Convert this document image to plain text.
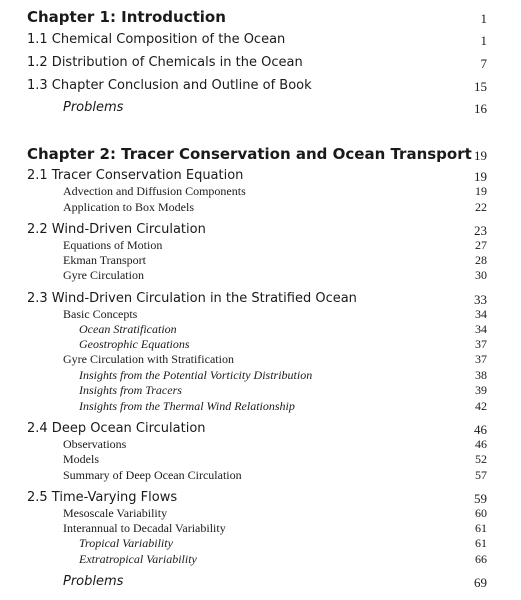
Chapter 1: Introduction	1
1.1 Chemical Composition of the Ocean	1
1.2 Distribution of Chemicals in the Ocean	7
1.3 Chapter Conclusion and Outline of Book	15
Problems	16
Chapter 2: Tracer Conservation and Ocean Transport 19
2.1 Tracer Conservation Equation	19
Advection and Diffusion Components	19
Application to Box Models	22
2.2 Wind-Driven Circulation	23
Equations of Motion	27
Ekman Transport	28
Gyre Circulation	30
2.3 Wind-Driven Circulation in the Stratified Ocean	33
Basic Concepts	34
Ocean Stratification	34
Geostrophic Equations	37
Gyre Circulation with Stratification	37
Insights from the Potential Vorticity Distribution	38
Insights from Tracers	39
Insights from the Thermal Wind Relationship	42
2.4 Deep Ocean Circulation	46
Observations	46
Models	52
Summary of Deep Ocean Circulation	57
2.5 Time-Varying Flows	59
Mesoscale Variability	60
Interannual to Decadal Variability	61
Tropical Variability	61
Extratropical Variability	66
Problems	69
